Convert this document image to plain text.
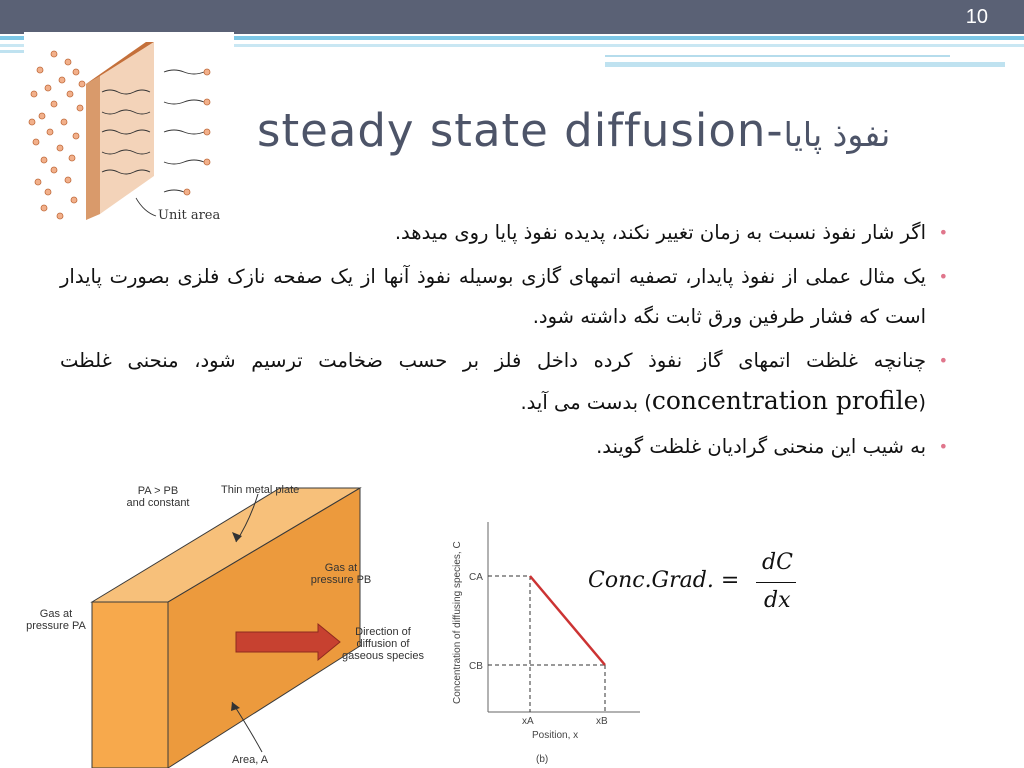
10
Unit area
steady state diffusion-نفوذ پایا
•
اگر شار نفوذ نسبت به زمان تغییر نکند، پدیده نفوذ پایا روی میدهد.
•
یک مثال عملی از نفوذ پایدار، تصفیه اتمهای گازی بوسیله نفوذ آنها از یک صفحه نازک فلزی بصورت پایدار است که فشار طرفین ورق ثابت نگه داشته شود.
•
چنانچه غلظت اتمهای گاز نفوذ کرده داخل فلز بر حسب ضخامت ترسیم شود، منحنی غلظت (concentration profile) بدست می آید.
•
به شیب این منحنی گرادیان غلظت گویند.
PA > PB
and constant
Thin metal plate
Gas at
pressure PB
Gas at
pressure PA	Direction of
diffusion of
gaseous species
Area, A
Concentration of diffusing species, C CA
CB
xA	xB
Position, x
(b)
Conc.Grad. =
dC
dx
